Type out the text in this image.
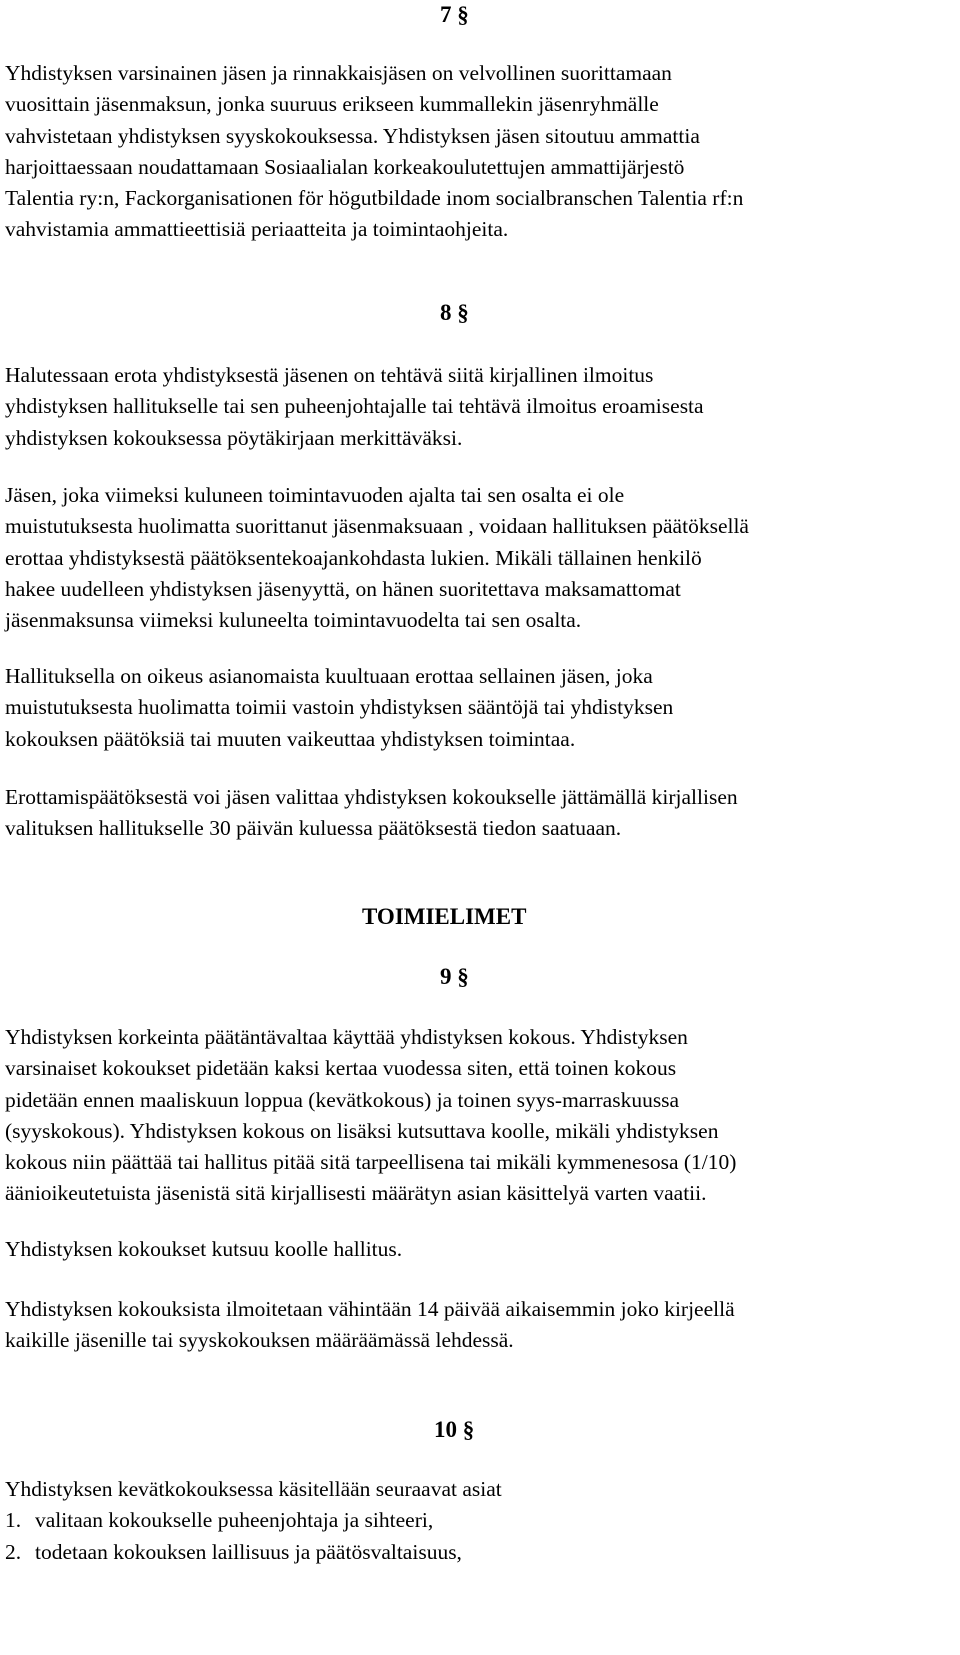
7 §
Yhdistyksen varsinainen jäsen ja rinnakkaisjäsen on velvollinen suorittamaan
vuosittain jäsenmaksun, jonka suuruus erikseen kummallekin jäsenryhmälle
vahvistetaan yhdistyksen syyskokouksessa. Yhdistyksen jäsen sitoutuu ammattia
harjoittaessaan noudattamaan Sosiaalialan korkeakoulutettujen ammattijärjestö
Talentia ry:n, Fackorganisationen för högutbildade inom socialbranschen Talentia rf:n
vahvistamia ammattieettisiä periaatteita ja toimintaohjeita.
8 §
Halutessaan erota yhdistyksestä jäsenen on tehtävä siitä kirjallinen ilmoitus
yhdistyksen hallitukselle tai sen puheenjohtajalle tai tehtävä ilmoitus eroamisesta
yhdistyksen kokouksessa pöytäkirjaan merkittäväksi.
Jäsen, joka viimeksi kuluneen toimintavuoden ajalta tai sen osalta ei ole
muistutuksesta huolimatta suorittanut jäsenmaksuaan , voidaan hallituksen päätöksellä
erottaa yhdistyksestä päätöksentekoajankohdasta lukien. Mikäli tällainen henkilö
hakee uudelleen yhdistyksen jäsenyyttä, on hänen suoritettava maksamattomat
jäsenmaksunsa viimeksi kuluneelta toimintavuodelta tai sen osalta.
Hallituksella on oikeus asianomaista kuultuaan erottaa sellainen jäsen, joka
muistutuksesta huolimatta toimii vastoin yhdistyksen sääntöjä tai yhdistyksen
kokouksen päätöksiä tai muuten vaikeuttaa yhdistyksen toimintaa.
Erottamispäätöksestä voi jäsen valittaa yhdistyksen kokoukselle jättämällä kirjallisen
valituksen hallitukselle 30 päivän kuluessa päätöksestä tiedon saatuaan.
TOIMIELIMET
9 §
Yhdistyksen korkeinta päätäntävaltaa käyttää yhdistyksen kokous. Yhdistyksen
varsinaiset kokoukset pidetään kaksi kertaa vuodessa siten, että toinen kokous
pidetään ennen maaliskuun loppua (kevätkokous) ja toinen syys-marraskuussa
(syyskokous). Yhdistyksen kokous on lisäksi kutsuttava koolle, mikäli yhdistyksen
kokous niin päättää tai hallitus pitää sitä tarpeellisena tai mikäli kymmenesosa (1/10)
äänioikeutetuista jäsenistä sitä kirjallisesti määrätyn asian käsittelyä varten vaatii.
Yhdistyksen kokoukset kutsuu koolle hallitus.
Yhdistyksen kokouksista ilmoitetaan vähintään 14 päivää aikaisemmin joko kirjeellä
kaikille jäsenille tai syyskokouksen määräämässä lehdessä.
10 §
Yhdistyksen kevätkokouksessa käsitellään seuraavat asiat
1. valitaan kokoukselle puheenjohtaja ja sihteeri,
2. todetaan kokouksen laillisuus ja päätösvaltaisuus,
